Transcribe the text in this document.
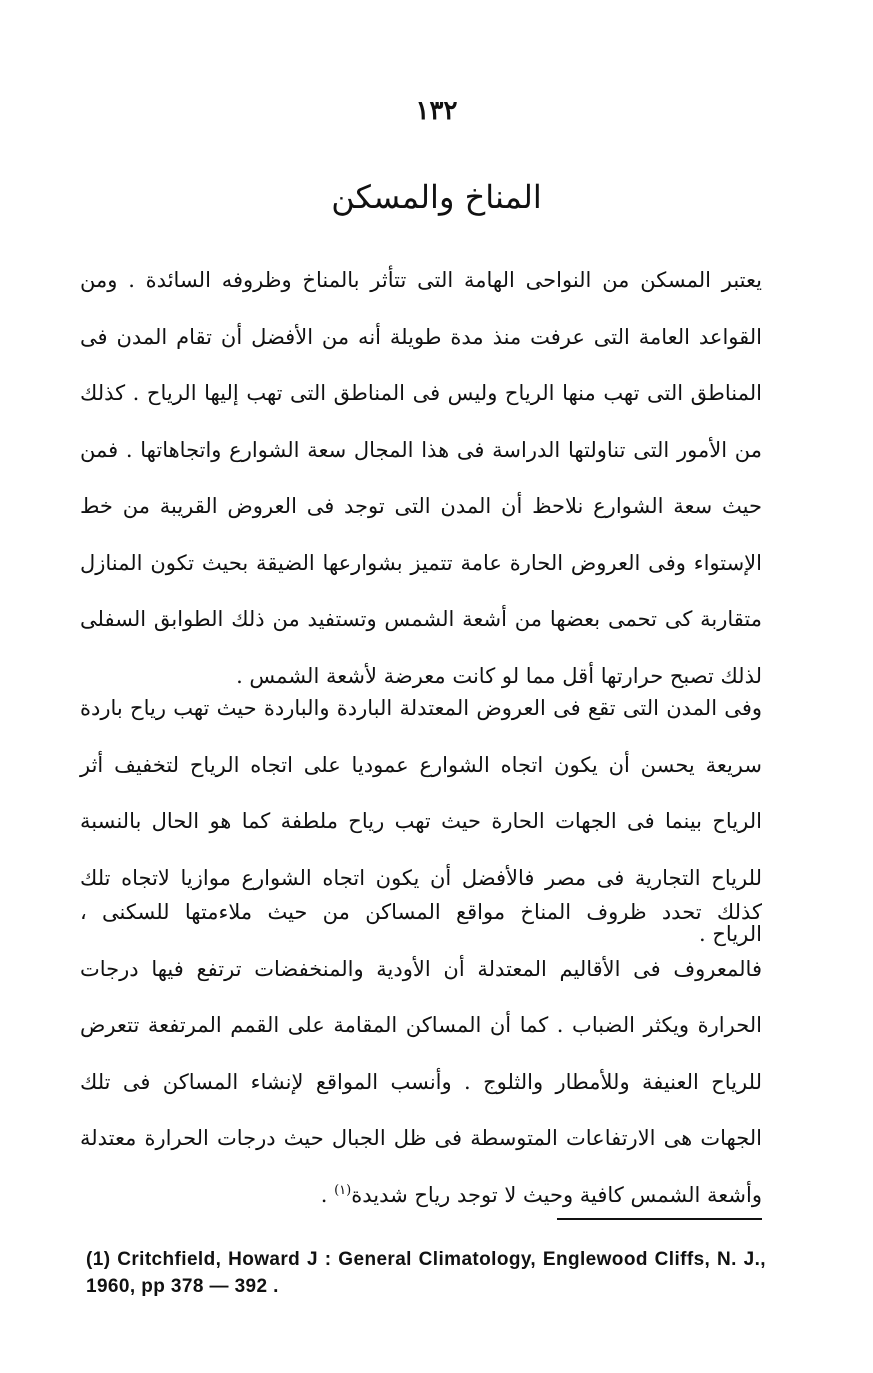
١٣٢
المناخ والمسكن

يعتبر المسكن من النواحى الهامة التى تتأثر بالمناخ وظروفه السائدة . ومن القواعد العامة التى عرفت منذ مدة طويلة أنه من الأفضل أن تقام المدن فى المناطق التى تهب منها الرياح وليس فى المناطق التى تهب إليها الرياح . كذلك من الأمور التى تناولتها الدراسة فى هذا المجال سعة الشوارع واتجاهاتها . فمن حيث سعة الشوارع نلاحظ أن المدن التى توجد فى العروض القريبة من خط الإستواء وفى العروض الحارة عامة تتميز بشوارعها الضيقة بحيث تكون المنازل متقاربة كى تحمى بعضها من أشعة الشمس وتستفيد من ذلك الطوابق السفلى لذلك تصبح حرارتها أقل مما لو كانت معرضة لأشعة الشمس .

وفى المدن التى تقع فى العروض المعتدلة الباردة والباردة حيث تهب رياح باردة سريعة يحسن أن يكون اتجاه الشوارع عموديا على اتجاه الرياح لتخفيف أثر الرياح بينما فى الجهات الحارة حيث تهب رياح ملطفة كما هو الحال بالنسبة للرياح التجارية فى مصر فالأفضل أن يكون اتجاه الشوارع موازيا لاتجاه تلك الرياح .

كذلك تحدد ظروف المناخ مواقع المساكن من حيث ملاءمتها للسكنى ، فالمعروف فى الأقاليم المعتدلة أن الأودية والمنخفضات ترتفع فيها درجات الحرارة ويكثر الضباب . كما أن المساكن المقامة على القمم المرتفعة تتعرض للرياح العنيفة وللأمطار والثلوج . وأنسب المواقع لإنشاء المساكن فى تلك الجهات هى الارتفاعات المتوسطة فى ظل الجبال حيث درجات الحرارة معتدلة وأشعة الشمس كافية وحيث لا توجد رياح شديدة$^{(١)}$ .

(1) Critchfield, Howard J : General Climatology, Englewood Cliffs, N. J., 1960, pp 378 — 392 .
